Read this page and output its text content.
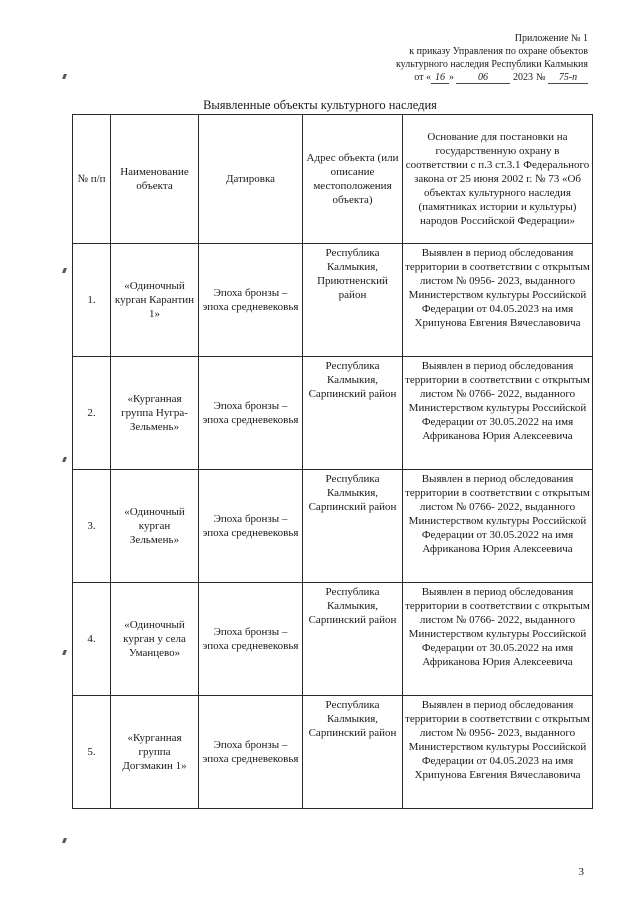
Приложение № 1
к приказу Управления по охране объектов
культурного наследия Республики Калмыкия
от « 16 » 06	2023 № 75-п
Выявленные объекты культурного наследия
№ п/п	Наименование объекта	Датировка	Адрес объекта (или описание местоположения объекта)	Основание для постановки на государственную охрану в соответствии с п.3 ст.3.1 Федерального закона от 25 июня 2002 г. № 73 «Об объектах культурного наследия (памятниках истории и культуры) народов Российской Федерации»
1.	«Одиночный курган Карантин 1»	Эпоха бронзы – эпоха средневековья	Республика Калмыкия, Приютненский район	Выявлен в период обследования территории в соответствии с открытым листом № 0956- 2023, выданного Министерством культуры Российской Федерации от 04.05.2023 на имя Хрипунова Евгения Вячеславовича
2.	«Курганная группа Нугра-Зельмень»	Эпоха бронзы – эпоха средневековья	Республика Калмыкия, Сарпинский район	Выявлен в период обследования территории в соответствии с открытым листом № 0766- 2022, выданного Министерством культуры Российской Федерации от 30.05.2022 на имя Африканова Юрия Алексеевича
3.	«Одиночный курган Зельмень»	Эпоха бронзы – эпоха средневековья	Республика Калмыкия, Сарпинский район	Выявлен в период обследования территории в соответствии с открытым листом № 0766- 2022, выданного Министерством культуры Российской Федерации от 30.05.2022 на имя Африканова Юрия Алексеевича
4.	«Одиночный курган у села Уманцево»	Эпоха бронзы – эпоха средневековья	Республика Калмыкия, Сарпинский район	Выявлен в период обследования территории в соответствии с открытым листом № 0766- 2022, выданного Министерством культуры Российской Федерации от 30.05.2022 на имя Африканова Юрия Алексеевича
5.	«Курганная группа Догзмакин 1»	Эпоха бронзы – эпоха средневековья	Республика Калмыкия, Сарпинский район	Выявлен в период обследования территории в соответствии с открытым листом № 0956- 2023, выданного Министерством культуры Российской Федерации от 04.05.2023 на имя Хрипунова Евгения Вячеславовича
3
